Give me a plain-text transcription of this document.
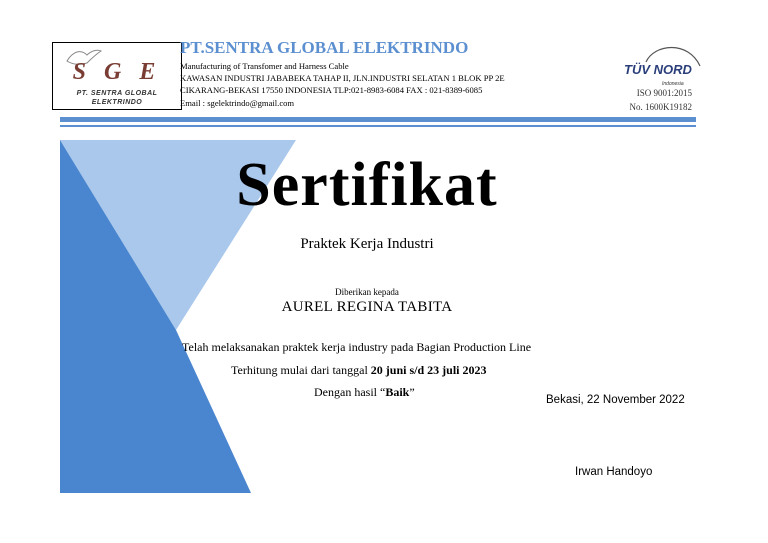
S G E
PT. SENTRA GLOBAL
ELEKTRINDO
PT.SENTRA GLOBAL ELEKTRINDO
Manufacturing of Transfomer and Harness Cable
KAWASAN INDUSTRI JABABEKA TAHAP II, JLN.INDUSTRI SELATAN 1 BLOK PP 2E
CIKARANG-BEKASI 17550 INDONESIA TLP:021-8983-6084 FAX : 021-8389-6085
Email : sgelektrindo@gmail.com
TÜV NORD
Indonesia
ISO 9001:2015
No. 1600K19182
Sertifikat
Praktek Kerja Industri
Diberikan kepada
AUREL REGINA TABITA
Telah melaksanakan praktek kerja industry pada Bagian Production Line
Terhitung mulai dari tanggal 20 juni s/d 23 juli 2023
Dengan hasil “Baik”
Bekasi, 22 November 2022
Irwan Handoyo
